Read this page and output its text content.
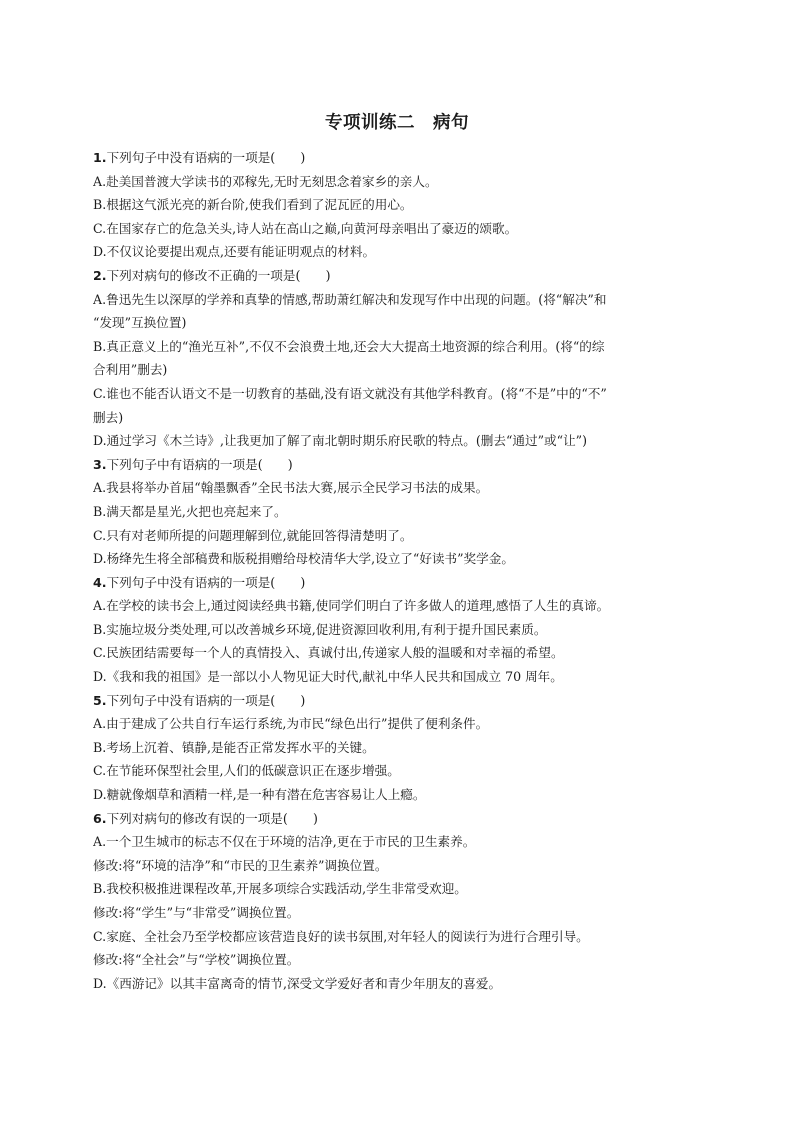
专项训练二　病句

1.下列句子中没有语病的一项是(　　)

A.赴美国普渡大学读书的邓稼先,无时无刻思念着家乡的亲人。

B.根据这气派光亮的新台阶,使我们看到了泥瓦匠的用心。

C.在国家存亡的危急关头,诗人站在高山之巅,向黄河母亲唱出了豪迈的颂歌。

D.不仅议论要提出观点,还要有能证明观点的材料。

2.下列对病句的修改不正确的一项是(　　)

A.鲁迅先生以深厚的学养和真挚的情感,帮助萧红解决和发现写作中出现的问题。(将“解决”和

“发现”互换位置)

B.真正意义上的“渔光互补”,不仅不会浪费土地,还会大大提高土地资源的综合利用。(将“的综

合利用”删去)

C.谁也不能否认语文不是一切教育的基础,没有语文就没有其他学科教育。(将“不是”中的“不”

删去)

D.通过学习《木兰诗》,让我更加了解了南北朝时期乐府民歌的特点。(删去“通过”或“让”)

3.下列句子中有语病的一项是(　　)

A.我县将举办首届“翰墨飘香”全民书法大赛,展示全民学习书法的成果。

B.满天都是星光,火把也亮起来了。

C.只有对老师所提的问题理解到位,就能回答得清楚明了。

D.杨绛先生将全部稿费和版税捐赠给母校清华大学,设立了“好读书”奖学金。

4.下列句子中没有语病的一项是(　　)

A.在学校的读书会上,通过阅读经典书籍,使同学们明白了许多做人的道理,感悟了人生的真谛。

B.实施垃圾分类处理,可以改善城乡环境,促进资源回收利用,有利于提升国民素质。

C.民族团结需要每一个人的真情投入、真诚付出,传递家人般的温暖和对幸福的希望。

D.《我和我的祖国》是一部以小人物见证大时代,献礼中华人民共和国成立 70 周年。

5.下列句子中没有语病的一项是(　　)

A.由于建成了公共自行车运行系统,为市民“绿色出行”提供了便利条件。

B.考场上沉着、镇静,是能否正常发挥水平的关键。

C.在节能环保型社会里,人们的低碳意识正在逐步增强。

D.糖就像烟草和酒精一样,是一种有潜在危害容易让人上瘾。

6.下列对病句的修改有误的一项是(　　)

A.一个卫生城市的标志不仅在于环境的洁净,更在于市民的卫生素养。

修改:将“环境的洁净”和“市民的卫生素养”调换位置。

B.我校积极推进课程改革,开展多项综合实践活动,学生非常受欢迎。

修改:将“学生”与“非常受”调换位置。

C.家庭、全社会乃至学校都应该营造良好的读书氛围,对年轻人的阅读行为进行合理引导。

修改:将“全社会”与“学校”调换位置。

D.《西游记》以其丰富离奇的情节,深受文学爱好者和青少年朋友的喜爱。
